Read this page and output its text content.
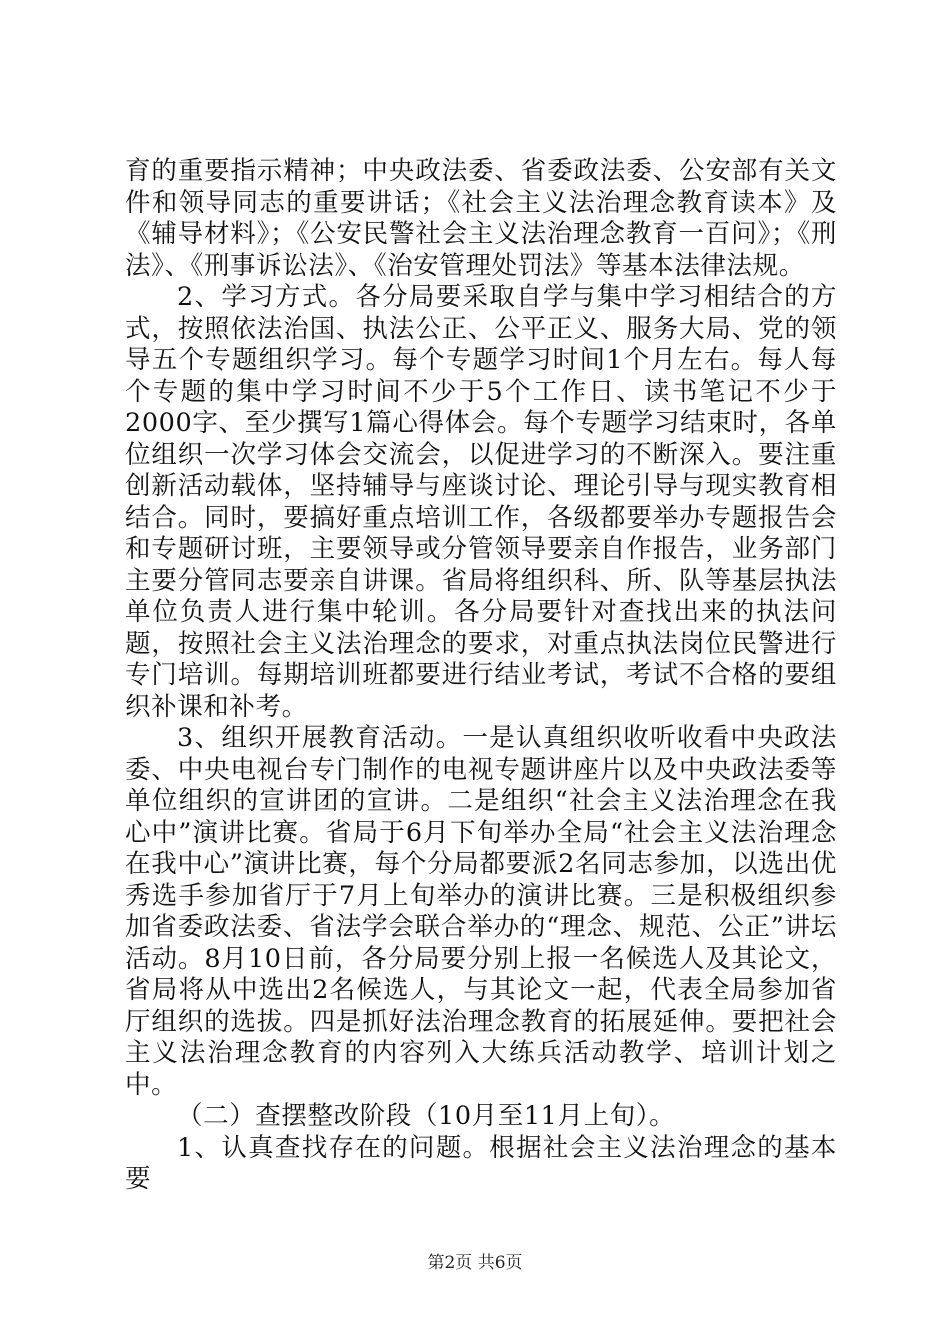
育的重要指示精神；中央政法委、省委政法委、公安部有关文件和领导同志的重要讲话；《社会主义法治理念教育读本》及《辅导材料》；《公安民警社会主义法治理念教育一百问》；《刑法》、《刑事诉讼法》、《治安管理处罚法》等基本法律法规。

2、学习方式。各分局要采取自学与集中学习相结合的方式，按照依法治国、执法公正、公平正义、服务大局、党的领导五个专题组织学习。每个专题学习时间1个月左右。每人每个专题的集中学习时间不少于5个工作日、读书笔记不少于2000字、至少撰写1篇心得体会。每个专题学习结束时，各单位组织一次学习体会交流会，以促进学习的不断深入。要注重创新活动载体，坚持辅导与座谈讨论、理论引导与现实教育相结合。同时，要搞好重点培训工作，各级都要举办专题报告会和专题研讨班，主要领导或分管领导要亲自作报告，业务部门主要分管同志要亲自讲课。省局将组织科、所、队等基层执法单位负责人进行集中轮训。各分局要针对查找出来的执法问题，按照社会主义法治理念的要求，对重点执法岗位民警进行专门培训。每期培训班都要进行结业考试，考试不合格的要组织补课和补考。

3、组织开展教育活动。一是认真组织收听收看中央政法委、中央电视台专门制作的电视专题讲座片以及中央政法委等单位组织的宣讲团的宣讲。二是组织“社会主义法治理念在我心中”演讲比赛。省局于6月下旬举办全局“社会主义法治理念在我中心”演讲比赛，每个分局都要派2名同志参加，以选出优秀选手参加省厅于7月上旬举办的演讲比赛。三是积极组织参加省委政法委、省法学会联合举办的“理念、规范、公正”讲坛活动。8月10日前，各分局要分别上报一名候选人及其论文，省局将从中选出2名候选人，与其论文一起，代表全局参加省厅组织的选拔。四是抓好法治理念教育的拓展延伸。要把社会主义法治理念教育的内容列入大练兵活动教学、培训计划之中。

（二）查摆整改阶段（10月至11月上旬）。

1、认真查找存在的问题。根据社会主义法治理念的基本要

第2页 共6页
